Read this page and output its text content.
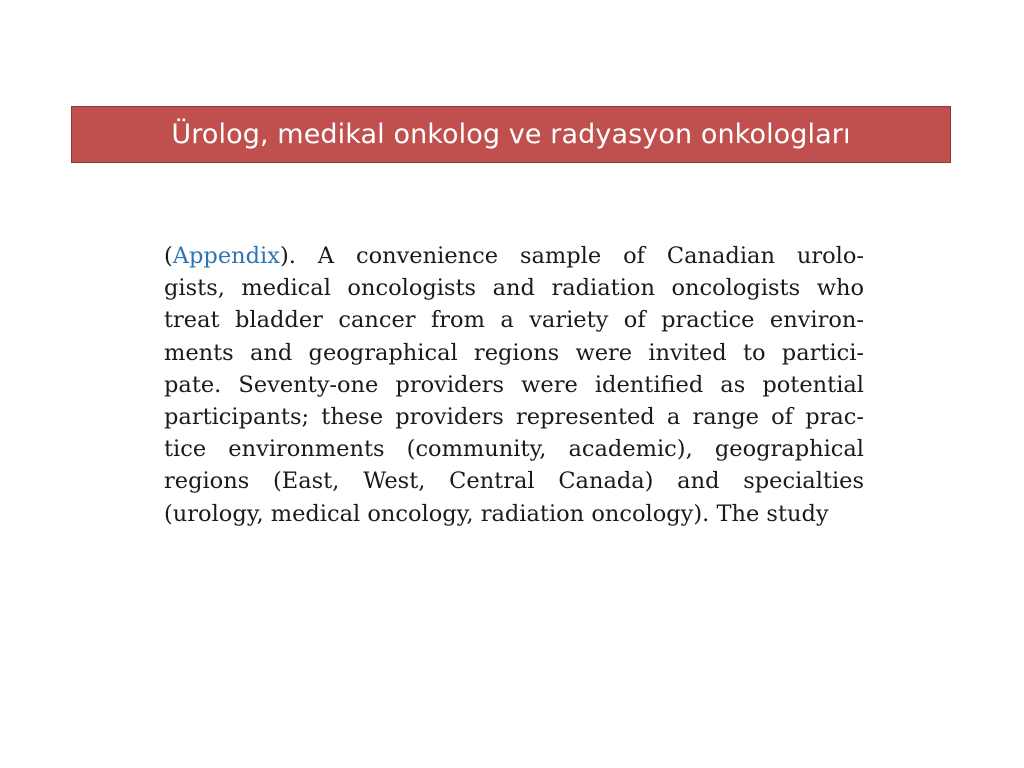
Ürolog, medikal onkolog ve radyasyon onkologları
(Appendix). A convenience sample of Canadian urolo-
gists, medical oncologists and radiation oncologists who
treat bladder cancer from a variety of practice environ-
ments and geographical regions were invited to partici-
pate. Seventy-one providers were identified as potential
participants; these providers represented a range of prac-
tice environments (community, academic), geographical
regions (East, West, Central Canada) and specialties
(urology, medical oncology, radiation oncology). The study
